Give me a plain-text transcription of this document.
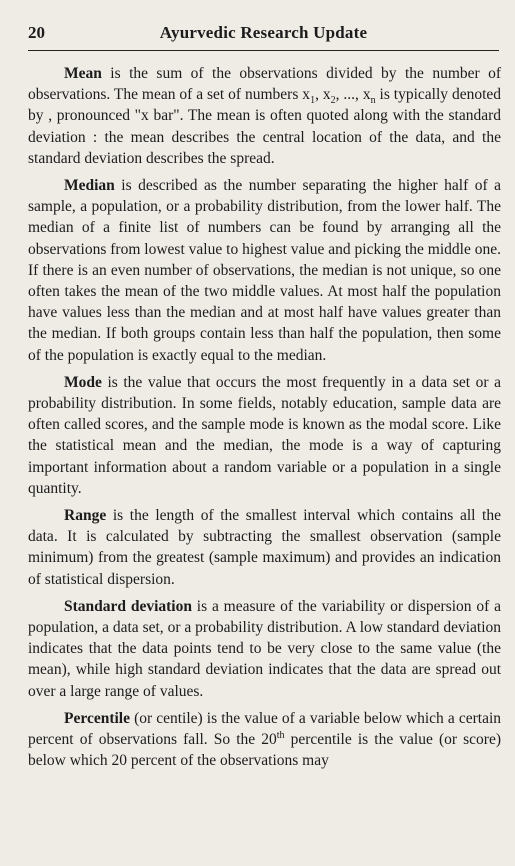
20	Ayurvedic Research Update

Mean is the sum of the observations divided by the number of observations. The mean of a set of numbers $x_1$, $x_2$, ..., $x_n$ is typically denoted by , pronounced "x bar". The mean is often quoted along with the standard deviation : the mean describes the central location of the data, and the standard deviation describes the spread.

Median is described as the number separating the higher half of a sample, a population, or a probability distribution, from the lower half. The median of a finite list of numbers can be found by arranging all the observations from lowest value to highest value and picking the middle one. If there is an even number of observations, the median is not unique, so one often takes the mean of the two middle values. At most half the population have values less than the median and at most half have values greater than the median. If both groups contain less than half the population, then some of the population is exactly equal to the median.

Mode is the value that occurs the most frequently in a data set or a probability distribution. In some fields, notably education, sample data are often called scores, and the sample mode is known as the modal score. Like the statistical mean and the median, the mode is a way of capturing important information about a random variable or a population in a single quantity.

Range is the length of the smallest interval which contains all the data. It is calculated by subtracting the smallest observation (sample minimum) from the greatest (sample maximum) and provides an indication of statistical dispersion.

Standard deviation is a measure of the variability or dispersion of a population, a data set, or a probability distribution. A low standard deviation indicates that the data points tend to be very close to the same value (the mean), while high standard deviation indicates that the data are spread out over a large range of values.

Percentile (or centile) is the value of a variable below which a certain percent of observations fall. So the 20th percentile is the value (or score) below which 20 percent of the observations may
